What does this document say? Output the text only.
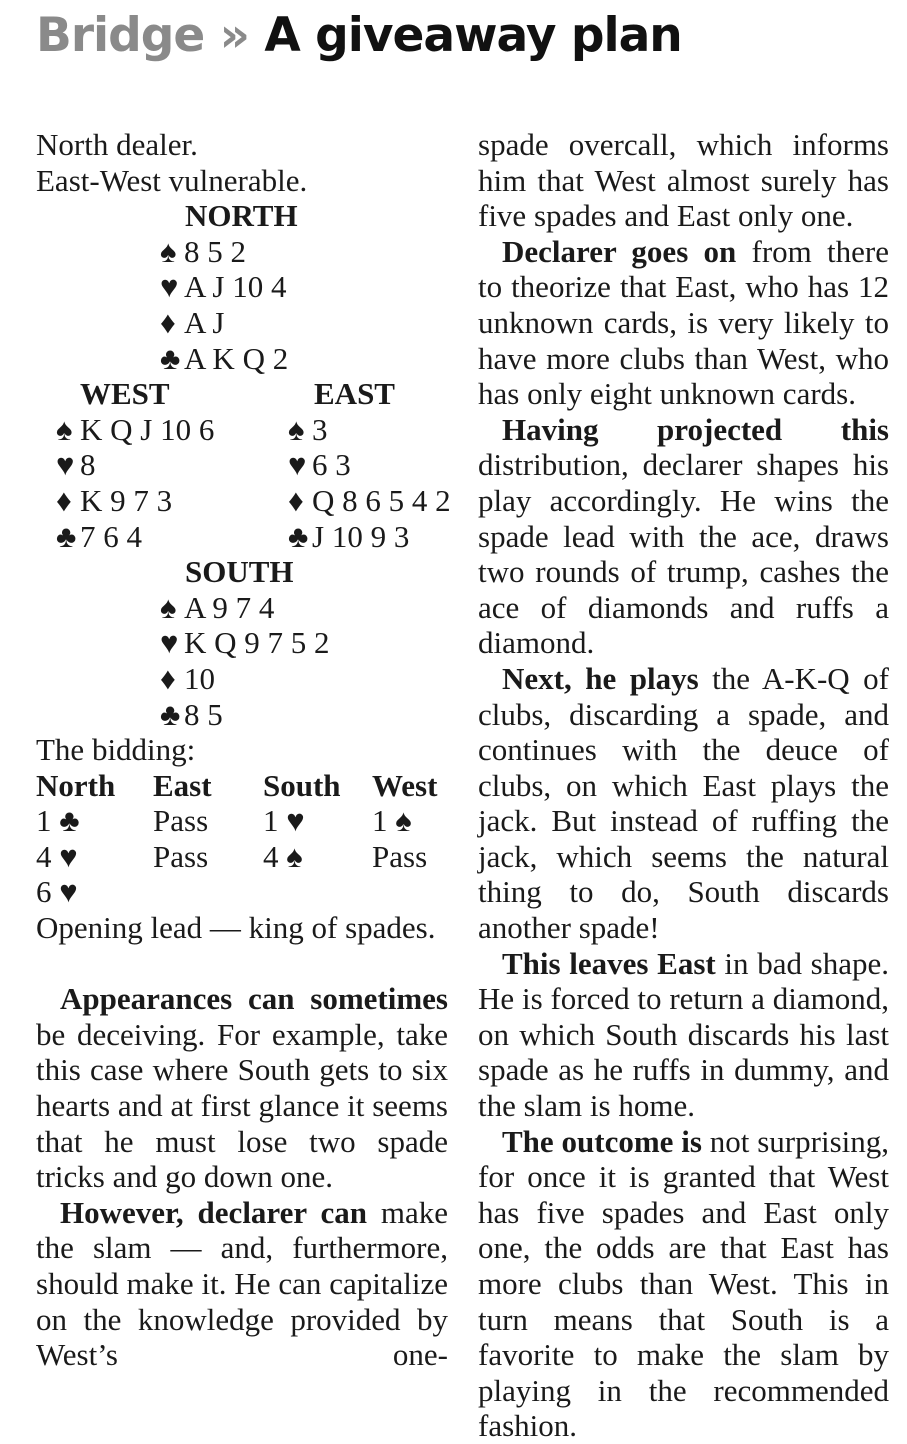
Bridge » A giveaway plan
North dealer.
East-West vulnerable.
NORTH
♠ 8 5 2
♥ A J 10 4
♦ A J
♣ A K Q 2
WEST	EAST
♠ K Q J 10 6 ♠ 3
♥ 8	♥ 6 3
♦ K 9 7 3	♦ Q 8 6 5 4 2
♣ 7 6 4	♣ J 10 9 3
SOUTH
♠ A 9 7 4
♥ K Q 9 7 5 2
♦ 10
♣ 8 5
The bidding:
North East South West
1 ♣ Pass 1 ♥ 1 ♠
4 ♥ Pass 4 ♠ Pass
6 ♥
Opening lead — king of spades.

Appearances can sometimes be deceiving. For example, take this case where South gets to six hearts and at first glance it seems that he must lose two spade tricks and go down one.

However, declarer can make the slam — and, furthermore, should make it. He can capitalize on the knowledge provided by West’s one-

spade overcall, which informs him that West almost surely has five spades and East only one.

Declarer goes on from there to theorize that East, who has 12 unknown cards, is very likely to have more clubs than West, who has only eight unknown cards.

Having projected this distribution, declarer shapes his play accordingly. He wins the spade lead with the ace, draws two rounds of trump, cashes the ace of diamonds and ruffs a diamond.

Next, he plays the A-K-Q of clubs, discarding a spade, and continues with the deuce of clubs, on which East plays the jack. But instead of ruffing the jack, which seems the natural thing to do, South discards another spade!

This leaves East in bad shape. He is forced to return a diamond, on which South discards his last spade as he ruffs in dummy, and the slam is home.

The outcome is not surprising, for once it is granted that West has five spades and East only one, the odds are that East has more clubs than West. This in turn means that South is a favorite to make the slam by playing in the recommended fashion.
